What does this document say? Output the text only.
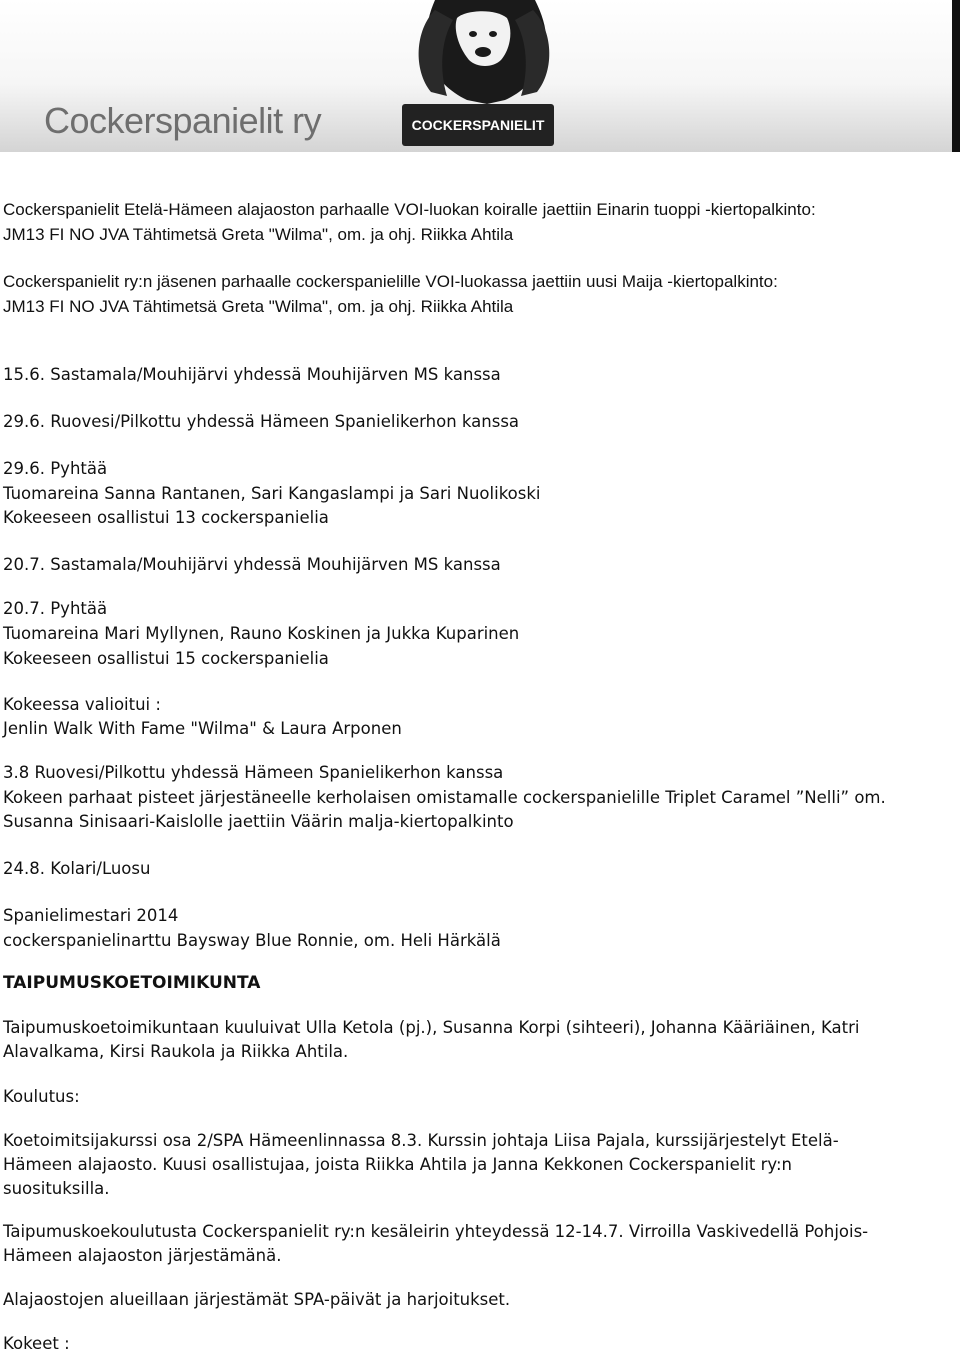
COCKERSPANIELIT
Cockerspanielit ry
Cockerspanielit Etelä-Hämeen alajaoston parhaalle VOI-luokan koiralle jaettiin Einarin tuoppi -kiertopalkinto:
JM13 FI NO JVA Tähtimetsä Greta "Wilma", om. ja ohj. Riikka Ahtila
Cockerspanielit ry:n jäsenen parhaalle cockerspanielille VOI-luokassa jaettiin uusi Maija -kiertopalkinto:
JM13 FI NO JVA Tähtimetsä Greta "Wilma", om. ja ohj. Riikka Ahtila
15.6. Sastamala/Mouhijärvi yhdessä Mouhijärven MS kanssa
29.6. Ruovesi/Pilkottu yhdessä Hämeen Spanielikerhon kanssa
29.6. Pyhtää
Tuomareina Sanna Rantanen, Sari Kangaslampi ja Sari Nuolikoski
Kokeeseen osallistui 13 cockerspanielia
20.7. Sastamala/Mouhijärvi yhdessä Mouhijärven MS kanssa
20.7. Pyhtää
Tuomareina Mari Myllynen, Rauno Koskinen ja Jukka Kuparinen
Kokeeseen osallistui 15 cockerspanielia
Kokeessa valioitui :
Jenlin Walk With Fame "Wilma" & Laura Arponen
3.8 Ruovesi/Pilkottu yhdessä Hämeen Spanielikerhon kanssa
Kokeen parhaat pisteet järjestäneelle kerholaisen omistamalle cockerspanielille Triplet Caramel ”Nelli” om.
Susanna Sinisaari-Kaislolle jaettiin Väärin malja-kiertopalkinto
24.8. Kolari/Luosu
Spanielimestari 2014
cockerspanielinarttu Baysway Blue Ronnie, om. Heli Härkälä
TAIPUMUSKOETOIMIKUNTA
Taipumuskoetoimikuntaan kuuluivat Ulla Ketola (pj.), Susanna Korpi (sihteeri), Johanna Kääriäinen, Katri
Alavalkama, Kirsi Raukola ja Riikka Ahtila.
Koulutus:
Koetoimitsijakurssi osa 2/SPA Hämeenlinnassa 8.3. Kurssin johtaja Liisa Pajala, kurssijärjestelyt Etelä-
Hämeen alajaosto. Kuusi osallistujaa, joista Riikka Ahtila ja Janna Kekkonen Cockerspanielit ry:n
suosituksilla.
Taipumuskoekoulutusta Cockerspanielit ry:n kesäleirin yhteydessä 12-14.7. Virroilla Vaskivedellä Pohjois-
Hämeen alajaoston järjestämänä.
Alajaostojen alueillaan järjestämät SPA-päivät ja harjoitukset.
Kokeet :
